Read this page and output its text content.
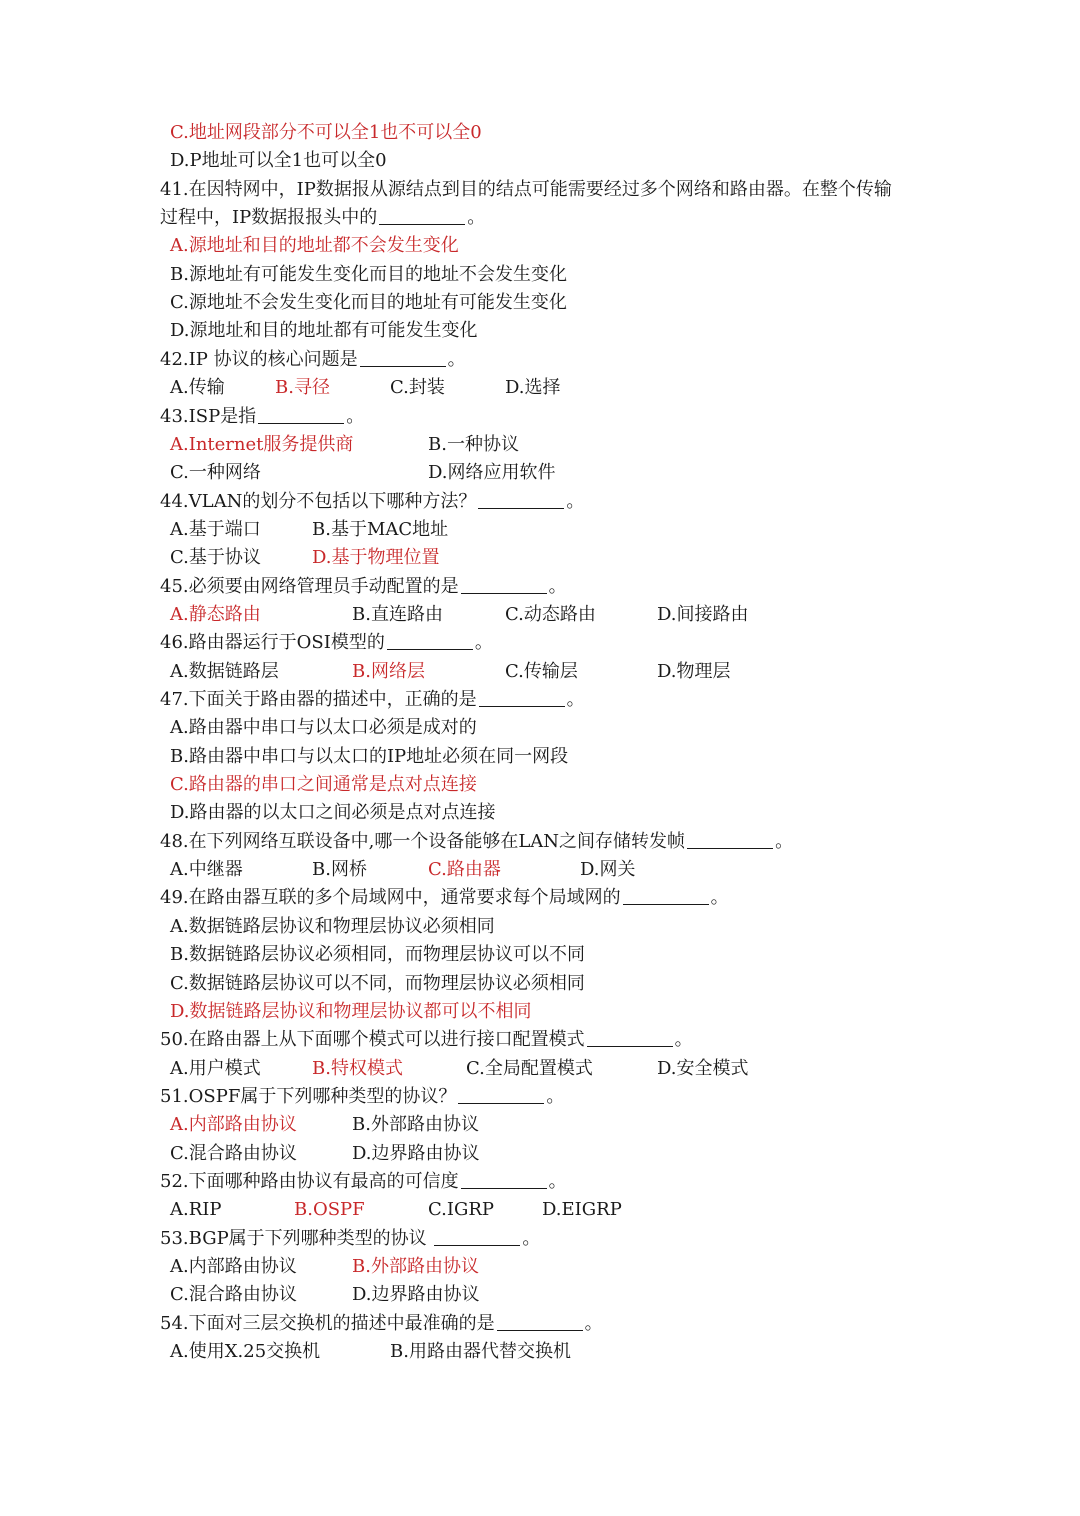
C.地址网段部分不可以全1也不可以全0
D.P地址可以全1也可以全0
41.在因特网中，IP数据报从源结点到目的结点可能需要经过多个网络和路由器。在整个传输
过程中，IP数据报报头中的	。
A.源地址和目的地址都不会发生变化
B.源地址有可能发生变化而目的地址不会发生变化
C.源地址不会发生变化而目的地址有可能发生变化
D.源地址和目的地址都有可能发生变化
42.IP 协议的核心问题是	。
A.传输	B.寻径	C.封装	D.选择
43.ISP是指	。
A.Internet服务提供商	B.一种协议
C.一种网络	D.网络应用软件
44.VLAN的划分不包括以下哪种方法？	。
A.基于端口	B.基于MAC地址
C.基于协议	D.基于物理位置
45.必须要由网络管理员手动配置的是	。
A.静态路由	B.直连路由	C.动态路由	D.间接路由
46.路由器运行于OSI模型的	。
A.数据链路层	B.网络层	C.传输层	D.物理层
47.下面关于路由器的描述中，正确的是	。
A.路由器中串口与以太口必须是成对的
B.路由器中串口与以太口的IP地址必须在同一网段
C.路由器的串口之间通常是点对点连接
D.路由器的以太口之间必须是点对点连接
48.在下列网络互联设备中,哪一个设备能够在LAN之间存储转发帧	。
A.中继器	B.网桥	C.路由器	D.网关
49.在路由器互联的多个局域网中，通常要求每个局域网的	。
A.数据链路层协议和物理层协议必须相同
B.数据链路层协议必须相同，而物理层协议可以不同
C.数据链路层协议可以不同，而物理层协议必须相同
D.数据链路层协议和物理层协议都可以不相同
50.在路由器上从下面哪个模式可以进行接口配置模式	。
A.用户模式	B.特权模式	C.全局配置模式	D.安全模式
51.OSPF属于下列哪种类型的协议？	。
A.内部路由协议	B.外部路由协议
C.混合路由协议	D.边界路由协议
52.下面哪种路由协议有最高的可信度	。
A.RIP	B.OSPF	C.IGRP	D.EIGRP
53.BGP属于下列哪种类型的协议	。
A.内部路由协议	B.外部路由协议
C.混合路由协议	D.边界路由协议
54.下面对三层交换机的描述中最准确的是	。
A.使用X.25交换机	B.用路由器代替交换机
